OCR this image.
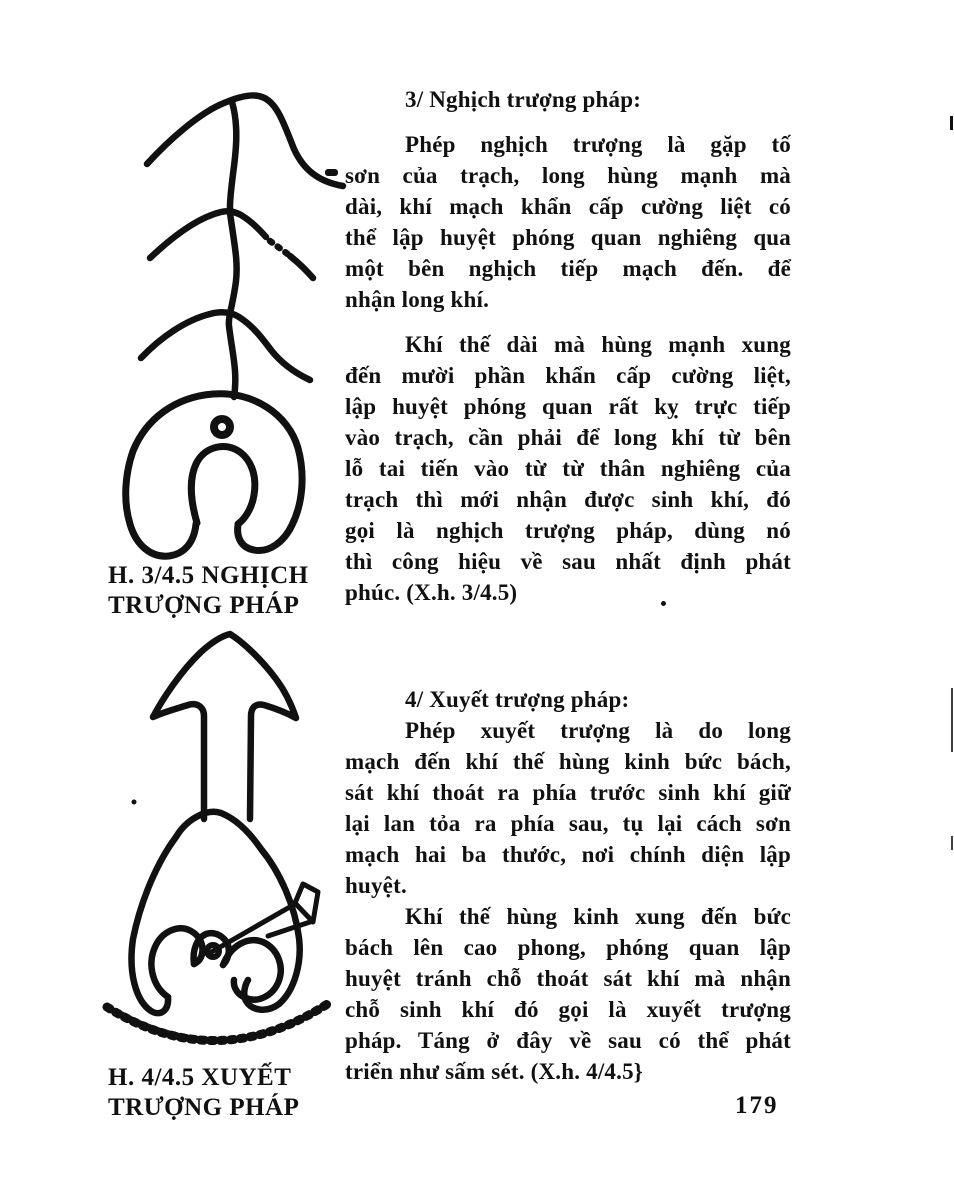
H. 3/4.5 NGHỊCH
TRƯỢNG PHÁP
H. 4/4.5 XUYẾT
TRƯỢNG PHÁP
3/ Nghịch trượng pháp:
Phép nghịch trượng là gặp tố
sơn của trạch, long hùng mạnh mà
dài, khí mạch khẩn cấp cường liệt có
thể lập huyệt phóng quan nghiêng qua
một bên nghịch tiếp mạch đến. để
nhận long khí.
Khí thế dài mà hùng mạnh xung
đến mười phần khẩn cấp cường liệt,
lập huyệt phóng quan rất kỵ trực tiếp
vào trạch, cần phải để long khí từ bên
lỗ tai tiến vào từ từ thân nghiêng của
trạch thì mới nhận được sinh khí, đó
gọi là nghịch trượng pháp, dùng nó
thì công hiệu về sau nhất định phát
phúc. (X.h. 3/4.5)
4/ Xuyết trượng pháp:
Phép xuyết trượng là do long
mạch đến khí thế hùng kinh bức bách,
sát khí thoát ra phía trước sinh khí giữ
lại lan tỏa ra phía sau, tụ lại cách sơn
mạch hai ba thước, nơi chính diện lập
huyệt.
Khí thế hùng kinh xung đến bức
bách lên cao phong, phóng quan lập
huyệt tránh chỗ thoát sát khí mà nhận
chỗ sinh khí đó gọi là xuyết trượng
pháp. Táng ở đây về sau có thể phát
triển như sấm sét. (X.h. 4/4.5}
179
